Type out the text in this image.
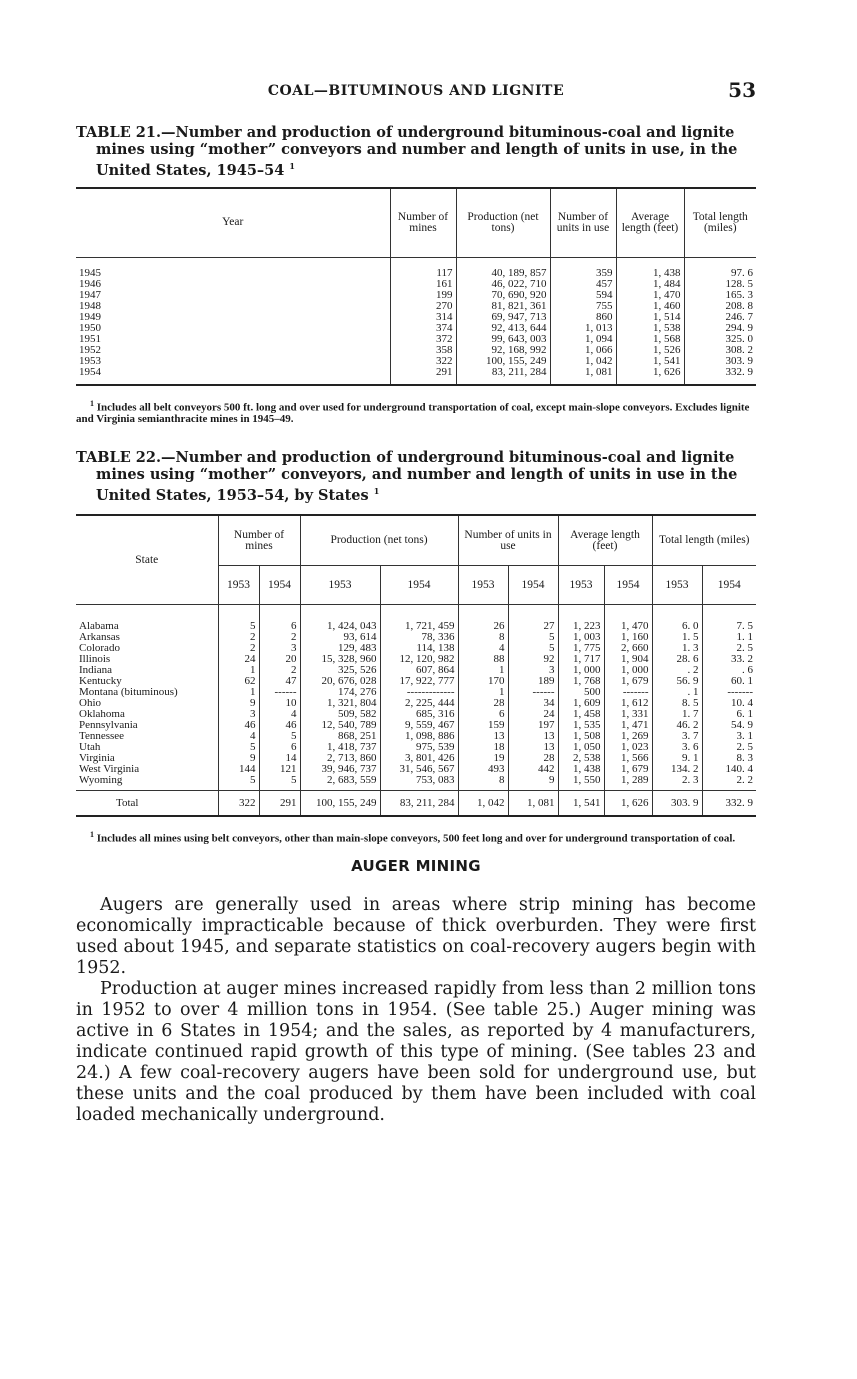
COAL—BITUMINOUS AND LIGNITE	53
TABLE 21.—Number and production of underground bituminous-coal and lignite mines using “mother” conveyors and number and length of units in use, in the United States, 1945–54 $^1$
Year	Number of mines	Production (net tons)	Number of units in use	Average length (feet)	Total length (miles)
1945	117	40, 189, 857	359	1, 438	97. 6
1946	161	46, 022, 710	457	1, 484	128. 5
1947	199	70, 690, 920	594	1, 470	165. 3
1948	270	81, 821, 361	755	1, 460	208. 8
1949	314	69, 947, 713	860	1, 514	246. 7
1950	374	92, 413, 644	1, 013	1, 538	294. 9
1951	372	99, 643, 003	1, 094	1, 568	325. 0
1952	358	92, 168, 992	1, 066	1, 526	308. 2
1953	322	100, 155, 249	1, 042	1, 541	303. 9
1954	291	83, 211, 284	1, 081	1, 626	332. 9
$^1$ Includes all belt conveyors 500 ft. long and over used for underground transportation of coal, except main-slope conveyors. Excludes lignite and Virginia semianthracite mines in 1945–49.
TABLE 22.—Number and production of underground bituminous-coal and lignite mines using “mother” conveyors, and number and length of units in use in the United States, 1953–54, by States $^1$
State	Number of mines		Production (net tons)		Number of units in use		Average length (feet)		Total length (miles)	
	1953	1954	1953	1954	1953	1954	1953	1954	1953	1954
Alabama	5	6	1, 424, 043	1, 721, 459	26	27	1, 223	1, 470	6. 0	7. 5
Arkansas	2	2	93, 614	78, 336	8	5	1, 003	1, 160	1. 5	1. 1
Colorado	2	3	129, 483	114, 138	4	5	1, 775	2, 660	1. 3	2. 5
Illinois	24	20	15, 328, 960	12, 120, 982	88	92	1, 717	1, 904	28. 6	33. 2
Indiana	1	2	325, 526	607, 864	1	3	1, 000	1, 000	. 2	. 6
Kentucky	62	47	20, 676, 028	17, 922, 777	170	189	1, 768	1, 679	56. 9	60. 1
Montana (bituminous)	1	------	174, 276	-------------	1	------	500	-------	. 1	-------
Ohio	9	10	1, 321, 804	2, 225, 444	28	34	1, 609	1, 612	8. 5	10. 4
Oklahoma	3	4	509, 582	685, 316	6	24	1, 458	1, 331	1. 7	6. 1
Pennsylvania	46	46	12, 540, 789	9, 559, 467	159	197	1, 535	1, 471	46. 2	54. 9
Tennessee	4	5	868, 251	1, 098, 886	13	13	1, 508	1, 269	3. 7	3. 1
Utah	5	6	1, 418, 737	975, 539	18	13	1, 050	1, 023	3. 6	2. 5
Virginia	9	14	2, 713, 860	3, 801, 426	19	28	2, 538	1, 566	9. 1	8. 3
West Virginia	144	121	39, 946, 737	31, 546, 567	493	442	1, 438	1, 679	134. 2	140. 4
Wyoming	5	5	2, 683, 559	753, 083	8	9	1, 550	1, 289	2. 3	2. 2
Total	322	291	100, 155, 249	83, 211, 284	1, 042	1, 081	1, 541	1, 626	303. 9	332. 9
$^1$ Includes all mines using belt conveyors, other than main-slope conveyors, 500 feet long and over for underground transportation of coal.
AUGER MINING

Augers are generally used in areas where strip mining has become economically impracticable because of thick overburden. They were first used about 1945, and separate statistics on coal-recovery augers begin with 1952.

Production at auger mines increased rapidly from less than 2 million tons in 1952 to over 4 million tons in 1954. (See table 25.) Auger mining was active in 6 States in 1954; and the sales, as reported by 4 manufacturers, indicate continued rapid growth of this type of mining. (See tables 23 and 24.) A few coal-recovery augers have been sold for underground use, but these units and the coal produced by them have been included with coal loaded mechanically underground.
